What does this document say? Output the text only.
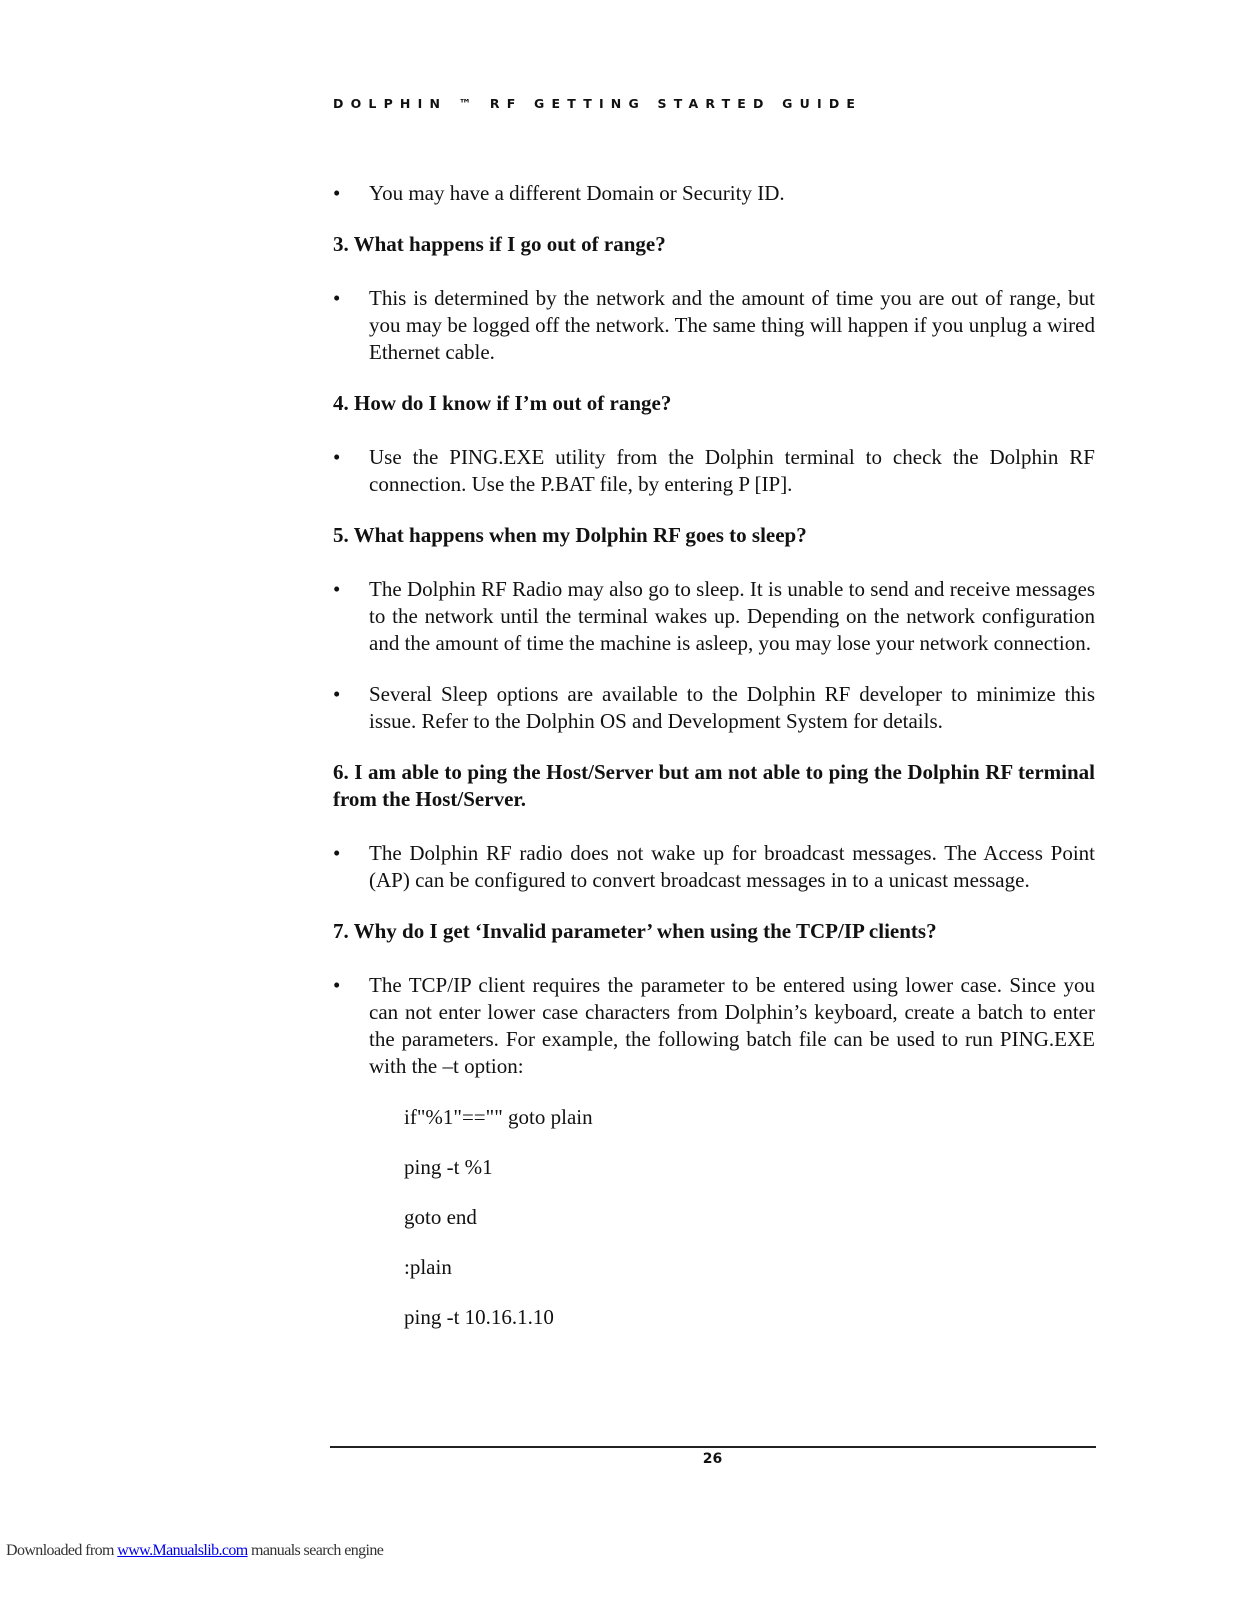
DOLPHIN ™ RF GETTING STARTED GUIDE
•	You may have a different Domain or Security ID.
3. What happens if I go out of range?
•	This is determined by the network and the amount of time you are out of range, but you may be logged off the network. The same thing will happen if you unplug a wired Ethernet cable.
4. How do I know if I’m out of range?
•	Use the PING.EXE utility from the Dolphin terminal to check the Dolphin RF connection. Use the P.BAT file, by entering P [IP].
5. What happens when my Dolphin RF goes to sleep?
•	The Dolphin RF Radio may also go to sleep. It is unable to send and receive messages to the network until the terminal wakes up. Depending on the network configuration and the amount of time the machine is asleep, you may lose your network connection.
•	Several Sleep options are available to the Dolphin RF developer to minimize this issue. Refer to the Dolphin OS and Development System for details.
6. I am able to ping the Host/Server but am not able to ping the Dolphin RF terminal from the Host/Server.
•	The Dolphin RF radio does not wake up for broadcast messages. The Access Point (AP) can be configured to convert broadcast messages in to a unicast message.
7. Why do I get ‘Invalid parameter’ when using the TCP/IP clients?
•	The TCP/IP client requires the parameter to be entered using lower case. Since you can not enter lower case characters from Dolphin’s keyboard, create a batch to enter the parameters. For example, the following batch file can be used to run PING.EXE with the –t option:
if"%1"=="" goto plain
ping -t %1
goto end
:plain
ping -t 10.16.1.10
26
Downloaded from www.Manualslib.com manuals search engine
